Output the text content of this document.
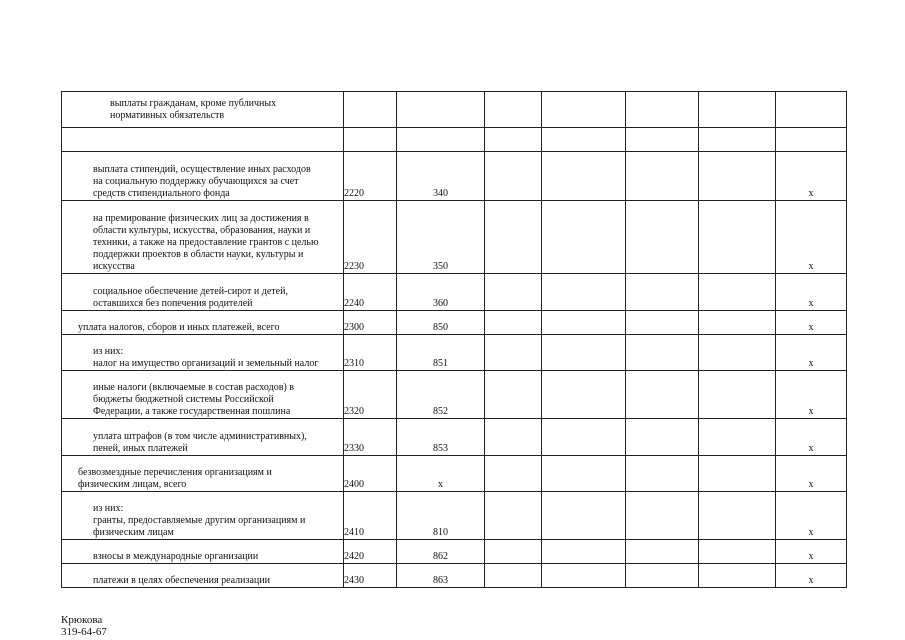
выплаты гражданам, кроме публичных
нормативных обязательств							

выплата стипендий, осуществление иных расходов
на социальную поддержку обучающихся за счет
средств стипендиального фонда	2220	340					x
на премирование физических лиц за достижения в
области культуры, искусства, образования, науки и
техники, а также на предоставление грантов с целью
поддержки проектов в области науки, культуры и
искусства	2230	350					x
социальное обеспечение детей-сирот и детей,
оставшихся без попечения родителей	2240	360					x
уплата налогов, сборов и иных платежей, всего	2300	850					x
из них:
налог на имущество организаций и земельный налог	2310	851					x
иные налоги (включаемые в состав расходов) в
бюджеты бюджетной системы Российской
Федерации, а также государственная пошлина	2320	852					x
уплата штрафов (в том числе административных),
пеней, иных платежей	2330	853					x
безвозмездные перечисления организациям и
физическим лицам, всего	2400	x					x
из них:
гранты, предоставляемые другим организациям и
физическим лицам	2410	810					x
взносы в международные организации	2420	862					x
платежи в целях обеспечения реализации	2430	863					x
Крюкова
319-64-67
